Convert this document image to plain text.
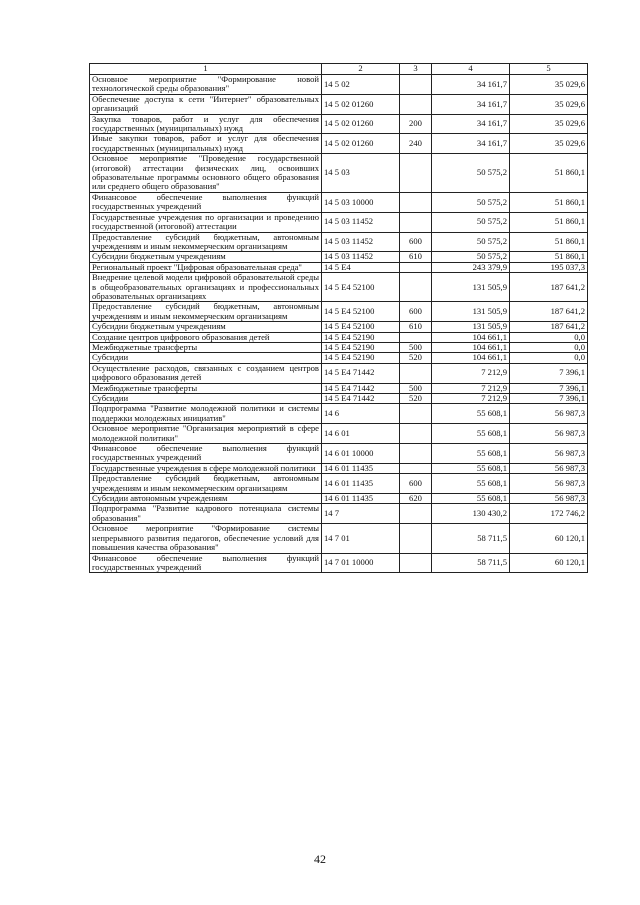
1	2	3	4	5
Основное мероприятие "Формирование новой технологической среды образования"	14 5 02		34 161,7	35 029,6
Обеспечение доступа к сети "Интернет" образовательных организаций	14 5 02 01260		34 161,7	35 029,6
Закупка товаров, работ и услуг для обеспечения государственных (муниципальных) нужд	14 5 02 01260	200	34 161,7	35 029,6
Иные закупки товаров, работ и услуг для обеспечения государственных (муниципальных) нужд	14 5 02 01260	240	34 161,7	35 029,6
Основное мероприятие "Проведение государственной (итоговой) аттестации физических лиц, освоивших образовательные программы основного общего образования или среднего общего образования"	14 5 03		50 575,2	51 860,1
Финансовое обеспечение выполнения функций государственных учреждений	14 5 03 10000		50 575,2	51 860,1
Государственные учреждения по организации и проведению государственной (итоговой) аттестации	14 5 03 11452		50 575,2	51 860,1
Предоставление субсидий бюджетным, автономным учреждениям и иным некоммерческим организациям	14 5 03 11452	600	50 575,2	51 860,1
Субсидии бюджетным учреждениям	14 5 03 11452	610	50 575,2	51 860,1
Региональный проект "Цифровая образовательная среда"	14 5 E4		243 379,9	195 037,3
Внедрение целевой модели цифровой образовательной среды в общеобразовательных организациях и профессиональных образовательных организациях	14 5 E4 52100		131 505,9	187 641,2
Предоставление субсидий бюджетным, автономным учреждениям и иным некоммерческим организациям	14 5 E4 52100	600	131 505,9	187 641,2
Субсидии бюджетным учреждениям	14 5 E4 52100	610	131 505,9	187 641,2
Создание центров цифрового образования детей	14 5 E4 52190		104 661,1	0,0
Межбюджетные трансферты	14 5 E4 52190	500	104 661,1	0,0
Субсидии	14 5 E4 52190	520	104 661,1	0,0
Осуществление расходов, связанных с созданием центров цифрового образования детей	14 5 E4 71442		7 212,9	7 396,1
Межбюджетные трансферты	14 5 E4 71442	500	7 212,9	7 396,1
Субсидии	14 5 E4 71442	520	7 212,9	7 396,1
Подпрограмма "Развитие молодежной политики и системы поддержки молодежных инициатив"	14 6		55 608,1	56 987,3
Основное мероприятие "Организация мероприятий в сфере молодежной политики"	14 6 01		55 608,1	56 987,3
Финансовое обеспечение выполнения функций государственных учреждений	14 6 01 10000		55 608,1	56 987,3
Государственные учреждения в сфере молодежной политики	14 6 01 11435		55 608,1	56 987,3
Предоставление субсидий бюджетным, автономным учреждениям и иным некоммерческим организациям	14 6 01 11435	600	55 608,1	56 987,3
Субсидии автономным учреждениям	14 6 01 11435	620	55 608,1	56 987,3
Подпрограмма "Развитие кадрового потенциала системы образования"	14 7		130 430,2	172 746,2
Основное мероприятие "Формирование системы непрерывного развития педагогов, обеспечение условий для повышения качества образования"	14 7 01		58 711,5	60 120,1
Финансовое обеспечение выполнения функций государственных учреждений	14 7 01 10000		58 711,5	60 120,1
42
